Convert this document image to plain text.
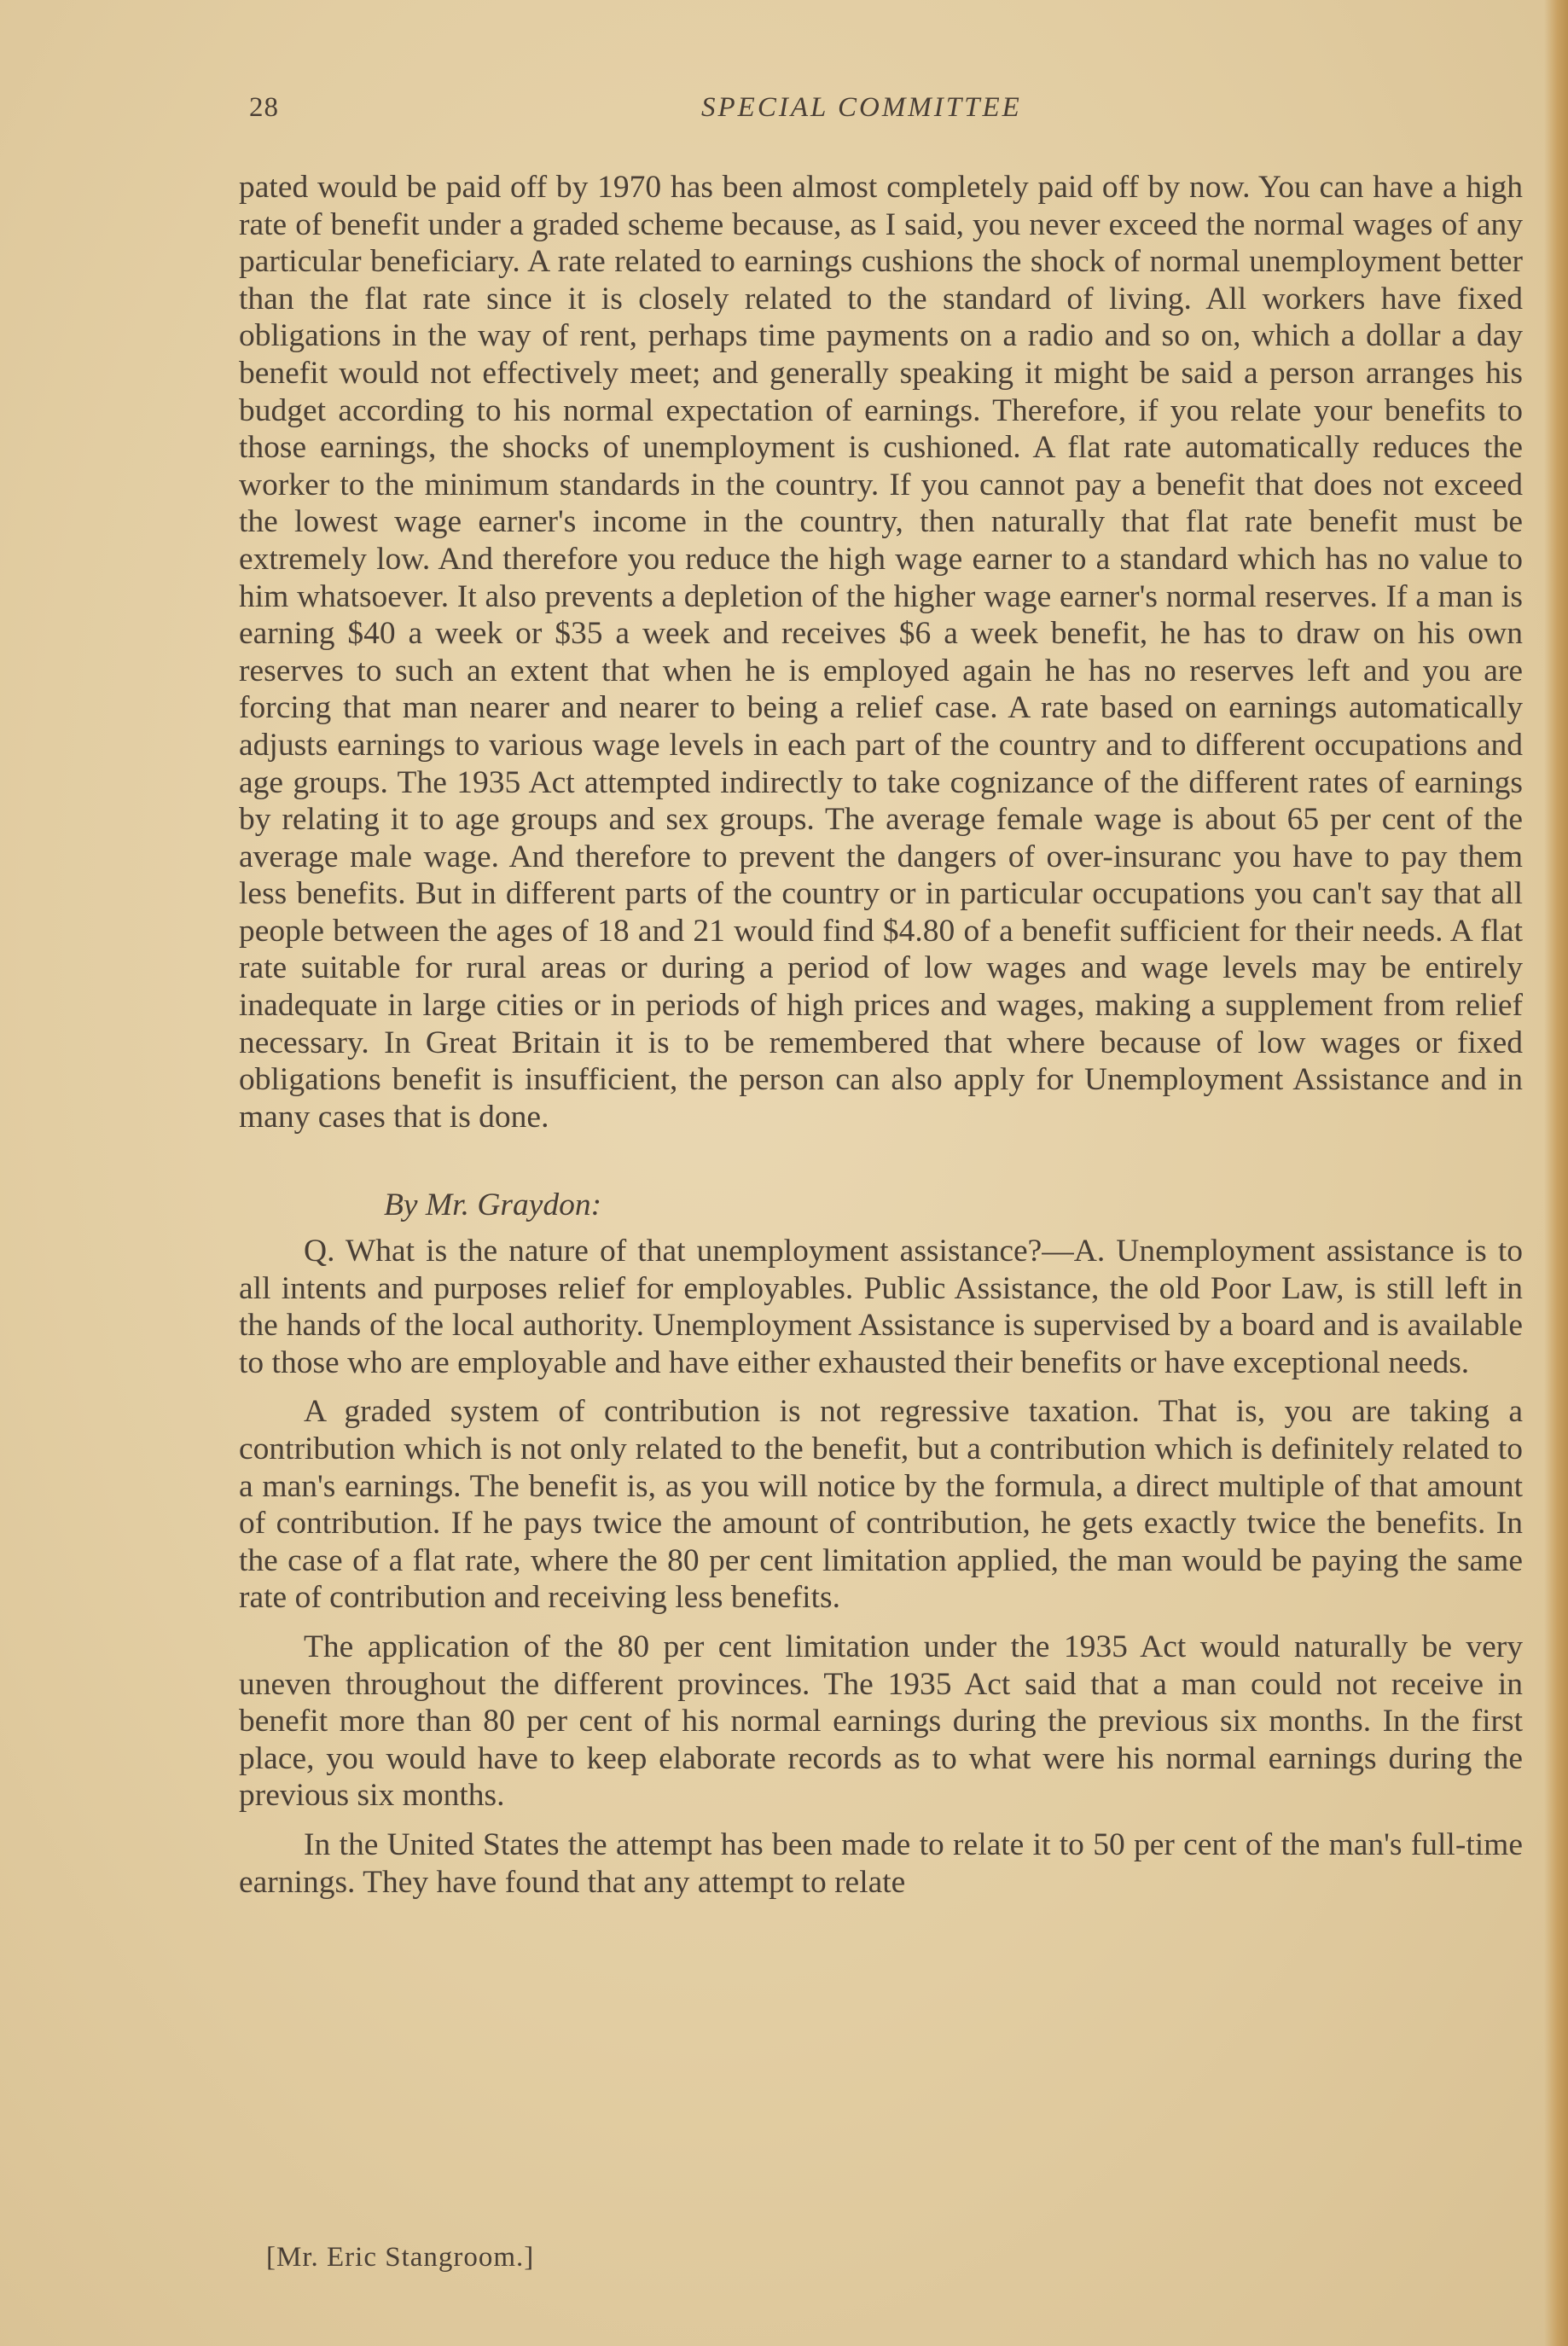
28	SPECIAL COMMITTEE

pated would be paid off by 1970 has been almost completely paid off by now. You can have a high rate of benefit under a graded scheme because, as I said, you never exceed the normal wages of any particular beneficiary. A rate related to earnings cushions the shock of normal unemployment better than the flat rate since it is closely related to the standard of living. All workers have fixed obligations in the way of rent, perhaps time payments on a radio and so on, which a dollar a day benefit would not effectively meet; and generally speaking it might be said a person arranges his budget according to his normal expectation of earnings. Therefore, if you relate your benefits to those earnings, the shocks of unemployment is cushioned. A flat rate automatically reduces the worker to the minimum standards in the country. If you cannot pay a benefit that does not exceed the lowest wage earner's income in the country, then naturally that flat rate benefit must be extremely low. And therefore you reduce the high wage earner to a standard which has no value to him whatsoever. It also prevents a depletion of the higher wage earner's normal reserves. If a man is earning $40 a week or $35 a week and receives $6 a week benefit, he has to draw on his own reserves to such an extent that when he is employed again he has no reserves left and you are forcing that man nearer and nearer to being a relief case. A rate based on earnings automatically adjusts earnings to various wage levels in each part of the country and to different occupations and age groups. The 1935 Act attempted indirectly to take cognizance of the different rates of earnings by relating it to age groups and sex groups. The average female wage is about 65 per cent of the average male wage. And therefore to prevent the dangers of over-insuranc you have to pay them less benefits. But in different parts of the country or in particular occupations you can't say that all people between the ages of 18 and 21 would find $4.80 of a benefit sufficient for their needs. A flat rate suitable for rural areas or during a period of low wages and wage levels may be entirely inadequate in large cities or in periods of high prices and wages, making a supplement from relief necessary. In Great Britain it is to be remembered that where because of low wages or fixed obligations benefit is insufficient, the person can also apply for Unemployment Assistance and in many cases that is done.

By Mr. Graydon:

Q. What is the nature of that unemployment assistance?—A. Unemployment assistance is to all intents and purposes relief for employables. Public Assistance, the old Poor Law, is still left in the hands of the local authority. Unemployment Assistance is supervised by a board and is available to those who are employable and have either exhausted their benefits or have exceptional needs.

A graded system of contribution is not regressive taxation. That is, you are taking a contribution which is not only related to the benefit, but a contribution which is definitely related to a man's earnings. The benefit is, as you will notice by the formula, a direct multiple of that amount of contribution. If he pays twice the amount of contribution, he gets exactly twice the benefits. In the case of a flat rate, where the 80 per cent limitation applied, the man would be paying the same rate of contribution and receiving less benefits.

The application of the 80 per cent limitation under the 1935 Act would naturally be very uneven throughout the different provinces. The 1935 Act said that a man could not receive in benefit more than 80 per cent of his normal earnings during the previous six months. In the first place, you would have to keep elaborate records as to what were his normal earnings during the previous six months.

In the United States the attempt has been made to relate it to 50 per cent of the man's full-time earnings. They have found that any attempt to relate

[Mr. Eric Stangroom.]
